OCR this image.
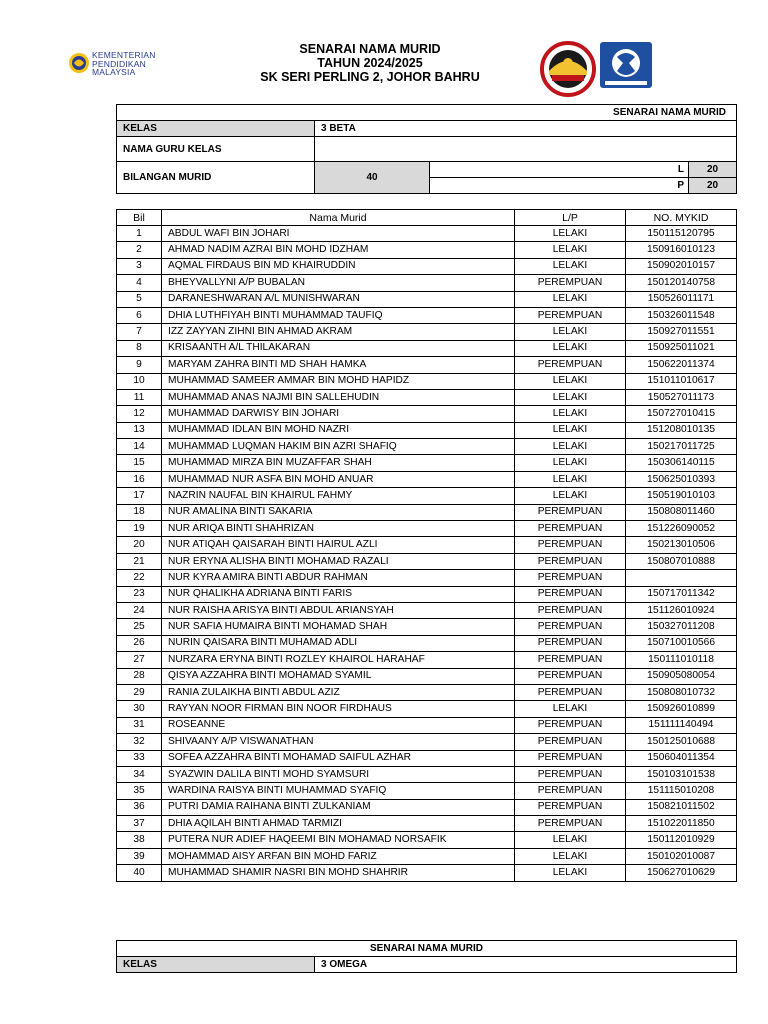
KEMENTERIAN
PENDIDIKAN
MALAYSIA
SENARAI NAMA MURID
TAHUN 2024/2025
SK SERI PERLING 2, JOHOR BAHRU
SENARAI NAMA MURID			
KELAS	3 BETA		
NAMA GURU KELAS			
BILANGAN MURID	40	L	20
		P	20
Bil	Nama Murid	L/P	NO. MYKID
1	ABDUL WAFI BIN JOHARI	LELAKI	150115120795
2	AHMAD NADIM AZRAI BIN MOHD IDZHAM	LELAKI	150916010123
3	AQMAL FIRDAUS BIN MD KHAIRUDDIN	LELAKI	150902010157
4	BHEYVALLYNI A/P BUBALAN	PEREMPUAN	150120140758
5	DARANESHWARAN A/L MUNISHWARAN	LELAKI	150526011171
6	DHIA LUTHFIYAH BINTI MUHAMMAD TAUFIQ	PEREMPUAN	150326011548
7	IZZ ZAYYAN ZIHNI BIN AHMAD AKRAM	LELAKI	150927011551
8	KRISAANTH A/L THILAKARAN	LELAKI	150925011021
9	MARYAM ZAHRA BINTI MD SHAH HAMKA	PEREMPUAN	150622011374
10	MUHAMMAD SAMEER AMMAR BIN MOHD HAPIDZ	LELAKI	151011010617
11	MUHAMMAD ANAS NAJMI BIN SALLEHUDIN	LELAKI	150527011173
12	MUHAMMAD DARWISY BIN JOHARI	LELAKI	150727010415
13	MUHAMMAD IDLAN BIN MOHD NAZRI	LELAKI	151208010135
14	MUHAMMAD LUQMAN HAKIM BIN AZRI SHAFIQ	LELAKI	150217011725
15	MUHAMMAD MIRZA BIN MUZAFFAR SHAH	LELAKI	150306140115
16	MUHAMMAD NUR ASFA BIN MOHD ANUAR	LELAKI	150625010393
17	NAZRIN NAUFAL BIN KHAIRUL FAHMY	LELAKI	150519010103
18	NUR AMALINA BINTI SAKARIA	PEREMPUAN	150808011460
19	NUR ARIQA BINTI SHAHRIZAN	PEREMPUAN	151226090052
20	NUR ATIQAH QAISARAH BINTI HAIRUL AZLI	PEREMPUAN	150213010506
21	NUR ERYNA ALISHA BINTI MOHAMAD RAZALI	PEREMPUAN	150807010888
22	NUR KYRA AMIRA BINTI ABDUR RAHMAN	PEREMPUAN	
23	NUR QHALIKHA ADRIANA BINTI FARIS	PEREMPUAN	150717011342
24	NUR RAISHA ARISYA BINTI ABDUL ARIANSYAH	PEREMPUAN	151126010924
25	NUR SAFIA HUMAIRA BINTI MOHAMAD SHAH	PEREMPUAN	150327011208
26	NURIN QAISARA BINTI MUHAMAD ADLI	PEREMPUAN	150710010566
27	NURZARA ERYNA BINTI ROZLEY KHAIROL HARAHAF	PEREMPUAN	150111010118
28	QISYA AZZAHRA BINTI MOHAMAD SYAMIL	PEREMPUAN	150905080054
29	RANIA ZULAIKHA BINTI ABDUL AZIZ	PEREMPUAN	150808010732
30	RAYYAN NOOR FIRMAN BIN NOOR FIRDHAUS	LELAKI	150926010899
31	ROSEANNE	PEREMPUAN	151111140494
32	SHIVAANY A/P VISWANATHAN	PEREMPUAN	150125010688
33	SOFEA AZZAHRA BINTI MOHAMAD SAIFUL AZHAR	PEREMPUAN	150604011354
34	SYAZWIN DALILA BINTI MOHD SYAMSURI	PEREMPUAN	150103101538
35	WARDINA RAISYA BINTI MUHAMMAD SYAFIQ	PEREMPUAN	151115010208
36	PUTRI DAMIA RAIHANA BINTI ZULKANIAM	PEREMPUAN	150821011502
37	DHIA AQILAH BINTI AHMAD TARMIZI	PEREMPUAN	151022011850
38	PUTERA NUR ADIEF HAQEEMI BIN MOHAMAD NORSAFIK	LELAKI	150112010929
39	MOHAMMAD AISY ARFAN BIN MOHD FARIZ	LELAKI	150102010087
40	MUHAMMAD SHAMIR NASRI BIN MOHD SHAHRIR	LELAKI	150627010629
SENARAI NAMA MURID
KELAS	3 OMEGA
